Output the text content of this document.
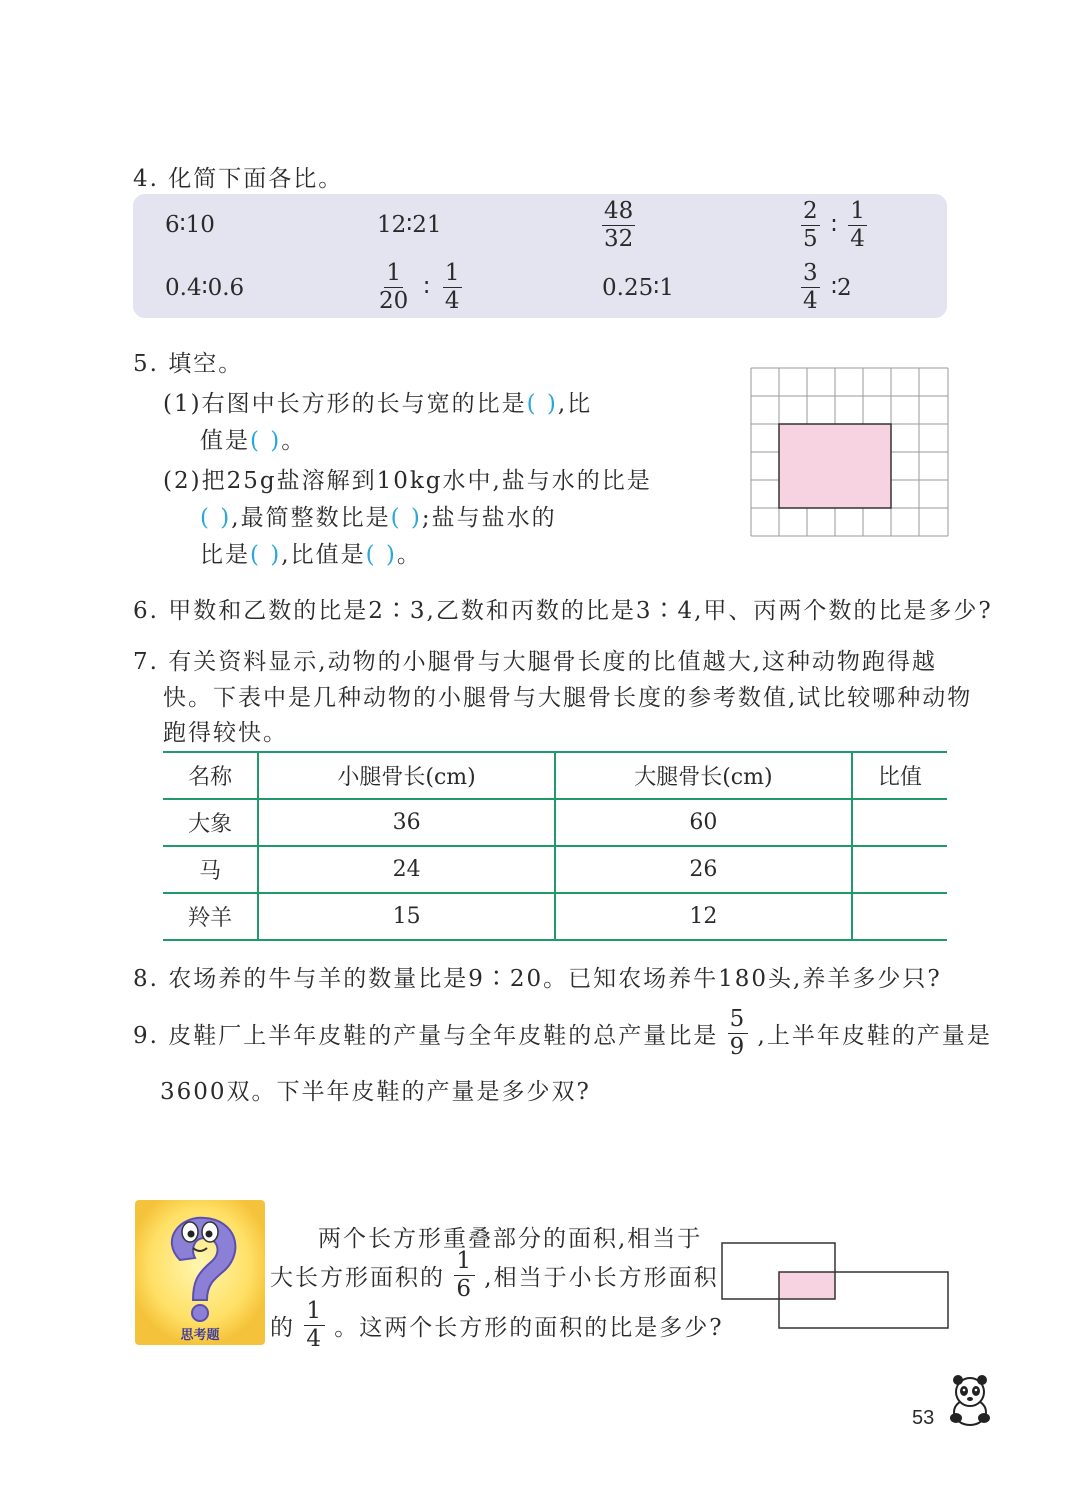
4. 化简下面各比。
6∶10	12∶21	$\frac{48}{32}$	$\frac{2}{5}$ ∶ $\frac{1}{4}$
0.4∶0.6	$\frac{1}{20}$ ∶ $\frac{1}{4}$	0.25∶1	$\frac{3}{4}$ ∶2
5. 填空。
(1)右图中长方形的长与宽的比是( ),比
值是( )。
(2)把25g盐溶解到10kg水中,盐与水的比是
( ),最简整数比是( );盐与盐水的
比是( ),比值是( )。
6. 甲数和乙数的比是2∶3,乙数和丙数的比是3∶4,甲、丙两个数的比是多少?
7. 有关资料显示,动物的小腿骨与大腿骨长度的比值越大,这种动物跑得越
快。下表中是几种动物的小腿骨与大腿骨长度的参考数值,试比较哪种动物
跑得较快。
名称	小腿骨长(cm)	大腿骨长(cm)	比值
大象	36	60	
马	24	26	
羚羊	15	12	
8. 农场养的牛与羊的数量比是9∶20。已知农场养牛180头,养羊多少只?
9. 皮鞋厂上半年皮鞋的产量与全年皮鞋的总产量比是 $\frac{5}{9}$ ,上半年皮鞋的产量是
3600双。下半年皮鞋的产量是多少双?
思考题
两个长方形重叠部分的面积,相当于
大长方形面积的 $\frac{1}{6}$ ,相当于小长方形面积
的 $\frac{1}{4}$ 。这两个长方形的面积的比是多少?
53
